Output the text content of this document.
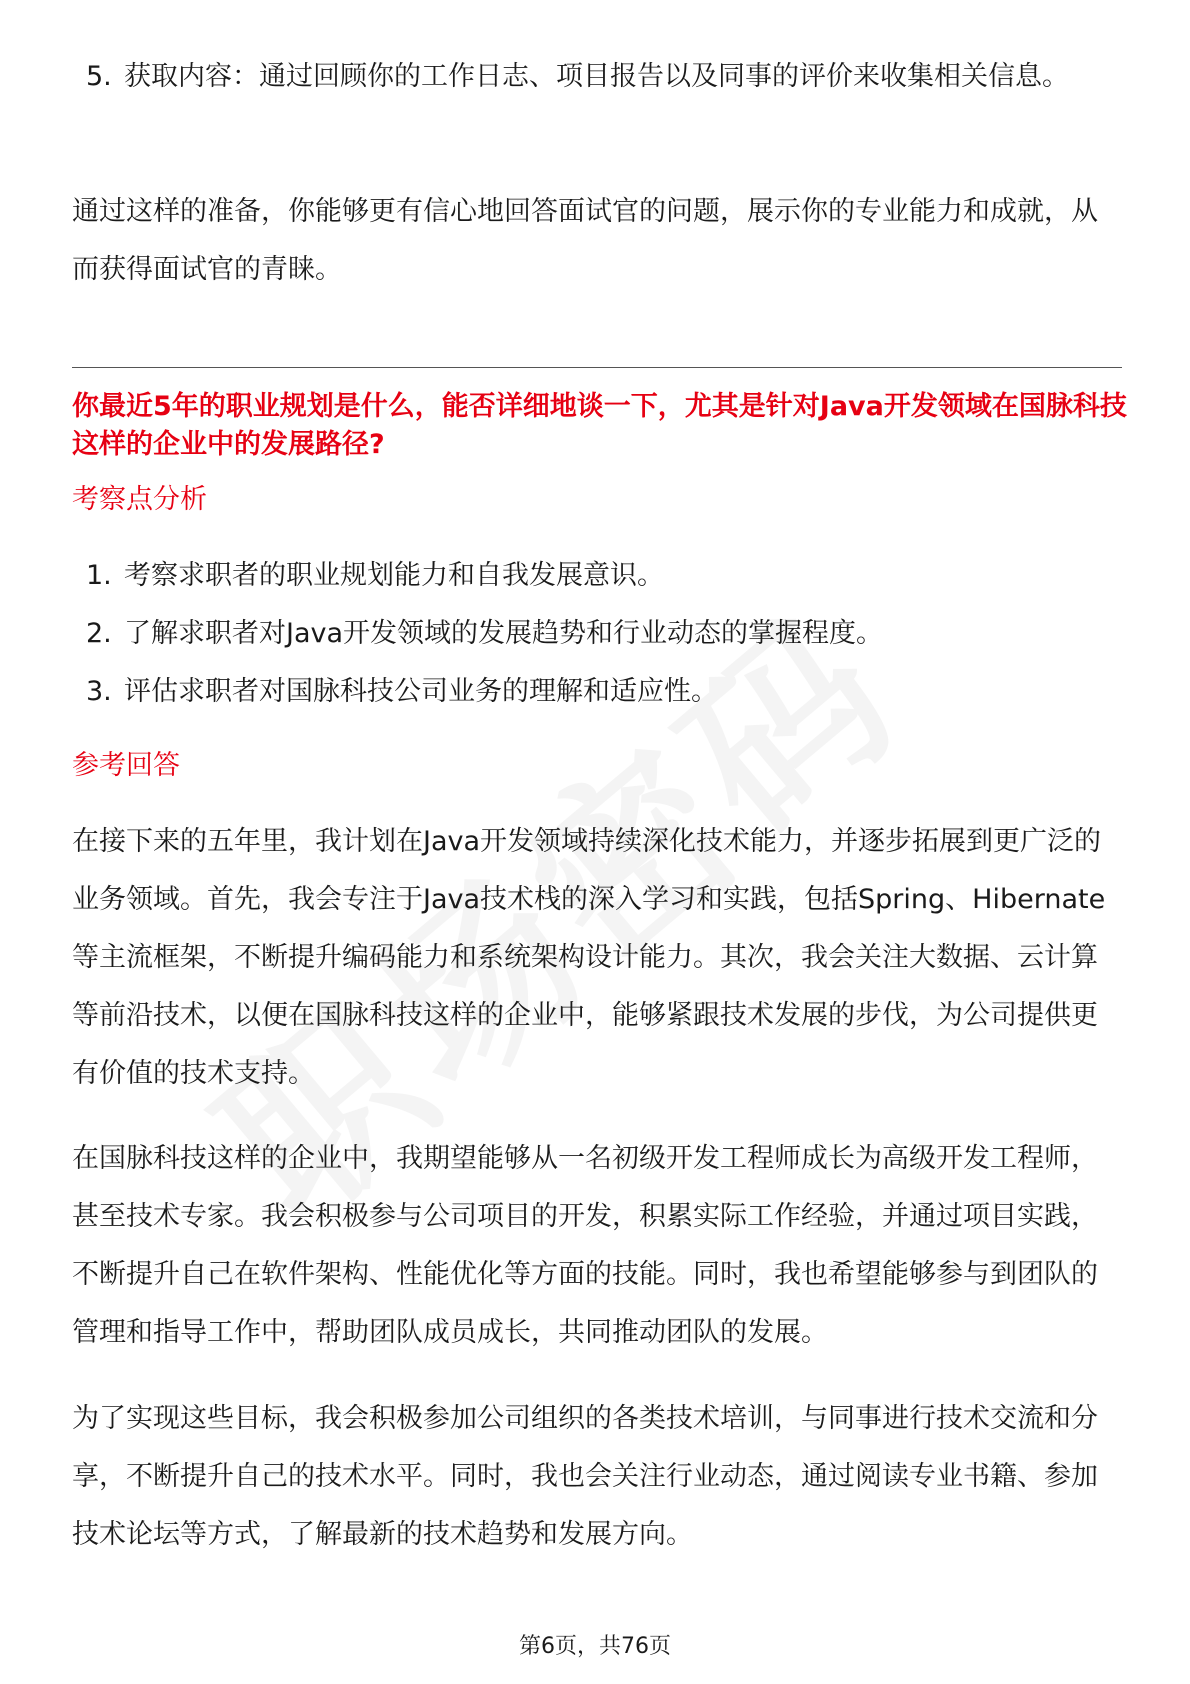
5. 获取内容：通过回顾你的工作日志、项目报告以及同事的评价来收集相关信息。

通过这样的准备，你能够更有信心地回答面试官的问题，展示你的专业能力和成就，从而获得面试官的青睐。

你最近5年的职业规划是什么，能否详细地谈一下，尤其是针对Java开发领域在国脉科技这样的企业中的发展路径?

考察点分析
1. 考察求职者的职业规划能力和自我发展意识。
2. 了解求职者对Java开发领域的发展趋势和行业动态的掌握程度。
3. 评估求职者对国脉科技公司业务的理解和适应性。
参考回答

在接下来的五年里，我计划在Java开发领域持续深化技术能力，并逐步拓展到更广泛的业务领域。首先，我会专注于Java技术栈的深入学习和实践，包括Spring、Hibernate等主流框架，不断提升编码能力和系统架构设计能力。其次，我会关注大数据、云计算等前沿技术，以便在国脉科技这样的企业中，能够紧跟技术发展的步伐，为公司提供更有价值的技术支持。

在国脉科技这样的企业中，我期望能够从一名初级开发工程师成长为高级开发工程师，甚至技术专家。我会积极参与公司项目的开发，积累实际工作经验，并通过项目实践，不断提升自己在软件架构、性能优化等方面的技能。同时，我也希望能够参与到团队的管理和指导工作中，帮助团队成员成长，共同推动团队的发展。

为了实现这些目标，我会积极参加公司组织的各类技术培训，与同事进行技术交流和分享，不断提升自己的技术水平。同时，我也会关注行业动态，通过阅读专业书籍、参加技术论坛等方式，了解最新的技术趋势和发展方向。

第6页，共76页
